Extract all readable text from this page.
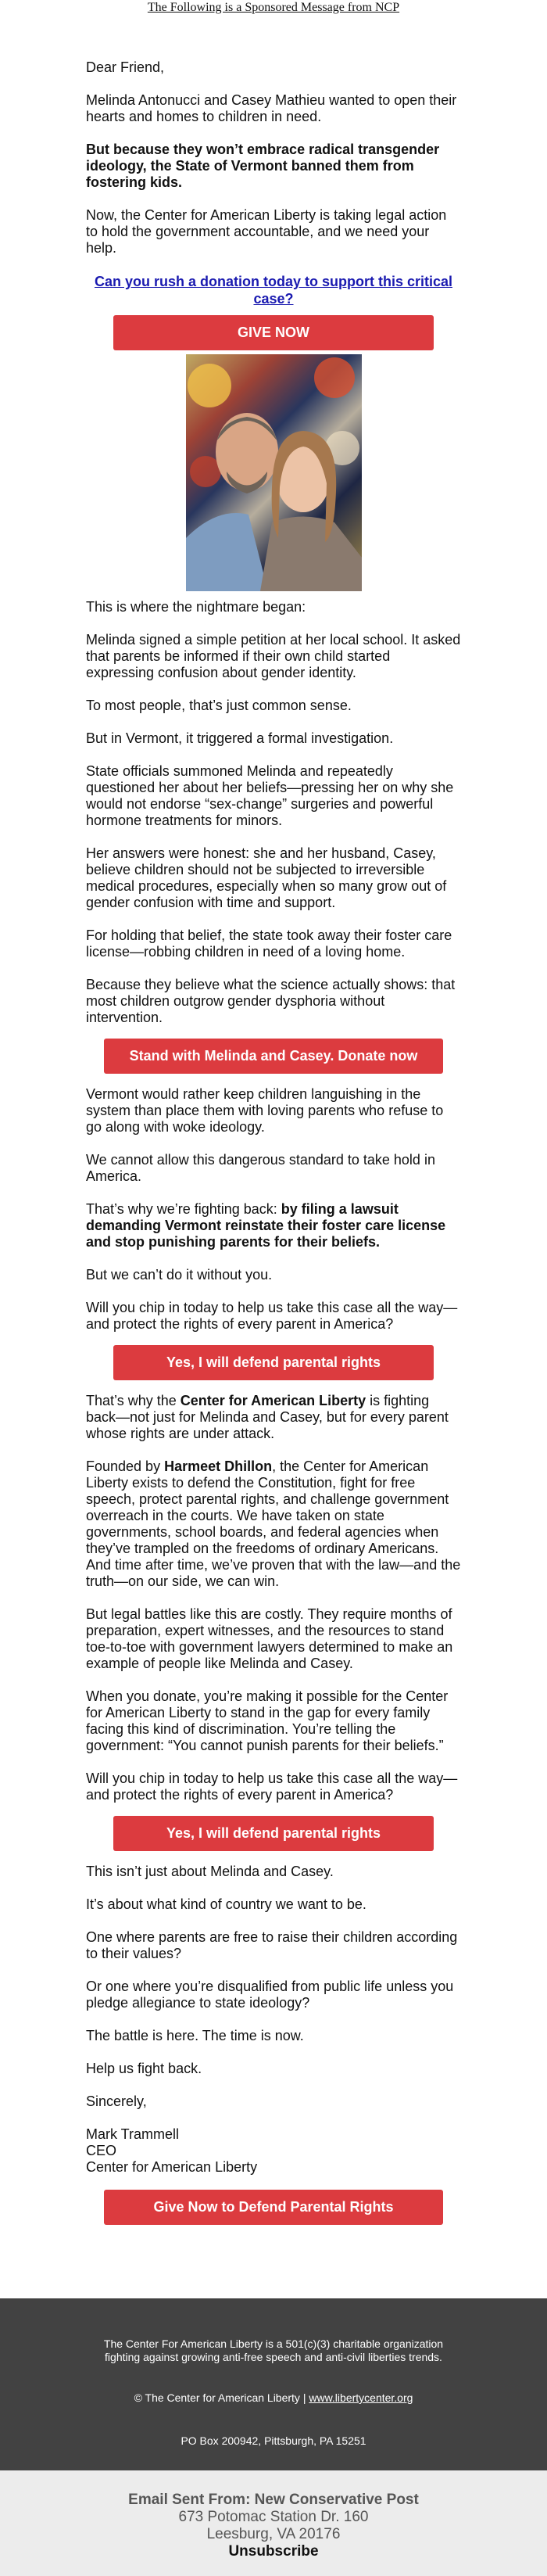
The Following is a Sponsored Message from NCP

Dear Friend,

Melinda Antonucci and Casey Mathieu wanted to open their hearts and homes to children in need.

But because they won’t embrace radical transgender ideology, the State of Vermont banned them from fostering kids.

Now, the Center for American Liberty is taking legal action to hold the government accountable, and we need your help.

Can you rush a donation today to support this critical case?
GIVE NOW

This is where the nightmare began:

Melinda signed a simple petition at her local school. It asked that parents be informed if their own child started expressing confusion about gender identity.

To most people, that’s just common sense.

But in Vermont, it triggered a formal investigation.

State officials summoned Melinda and repeatedly questioned her about her beliefs—pressing her on why she would not endorse “sex-change” surgeries and powerful hormone treatments for minors.

Her answers were honest: she and her husband, Casey, believe children should not be subjected to irreversible medical procedures, especially when so many grow out of gender confusion with time and support.

For holding that belief, the state took away their foster care license—robbing children in need of a loving home.

Because they believe what the science actually shows: that most children outgrow gender dysphoria without intervention.

Stand with Melinda and Casey. Donate now

Vermont would rather keep children languishing in the system than place them with loving parents who refuse to go along with woke ideology.

We cannot allow this dangerous standard to take hold in America.

That’s why we’re fighting back: by filing a lawsuit demanding Vermont reinstate their foster care license and stop punishing parents for their beliefs.

But we can’t do it without you.

Will you chip in today to help us take this case all the way—and protect the rights of every parent in America?

Yes, I will defend parental rights

That’s why the Center for American Liberty is fighting back—not just for Melinda and Casey, but for every parent whose rights are under attack.

Founded by Harmeet Dhillon, the Center for American Liberty exists to defend the Constitution, fight for free speech, protect parental rights, and challenge government overreach in the courts. We have taken on state governments, school boards, and federal agencies when they’ve trampled on the freedoms of ordinary Americans. And time after time, we’ve proven that with the law—and the truth—on our side, we can win.

But legal battles like this are costly. They require months of preparation, expert witnesses, and the resources to stand toe-to-toe with government lawyers determined to make an example of people like Melinda and Casey.

When you donate, you’re making it possible for the Center for American Liberty to stand in the gap for every family facing this kind of discrimination. You’re telling the government: “You cannot punish parents for their beliefs.”

Will you chip in today to help us take this case all the way—and protect the rights of every parent in America?

Yes, I will defend parental rights

This isn’t just about Melinda and Casey.

It’s about what kind of country we want to be.

One where parents are free to raise their children according to their values?

Or one where you’re disqualified from public life unless you pledge allegiance to state ideology?

The battle is here. The time is now.

Help us fight back.

Sincerely,

Mark Trammell

CEO

Center for American Liberty

Give Now to Defend Parental Rights
The Center For American Liberty is a 501(c)(3) charitable organization fighting against growing anti-free speech and anti-civil liberties trends.
© The Center for American Liberty | www.libertycenter.org
PO Box 200942, Pittsburgh, PA 15251
Email Sent From: New Conservative Post
673 Potomac Station Dr. 160
Leesburg, VA 20176
Unsubscribe
